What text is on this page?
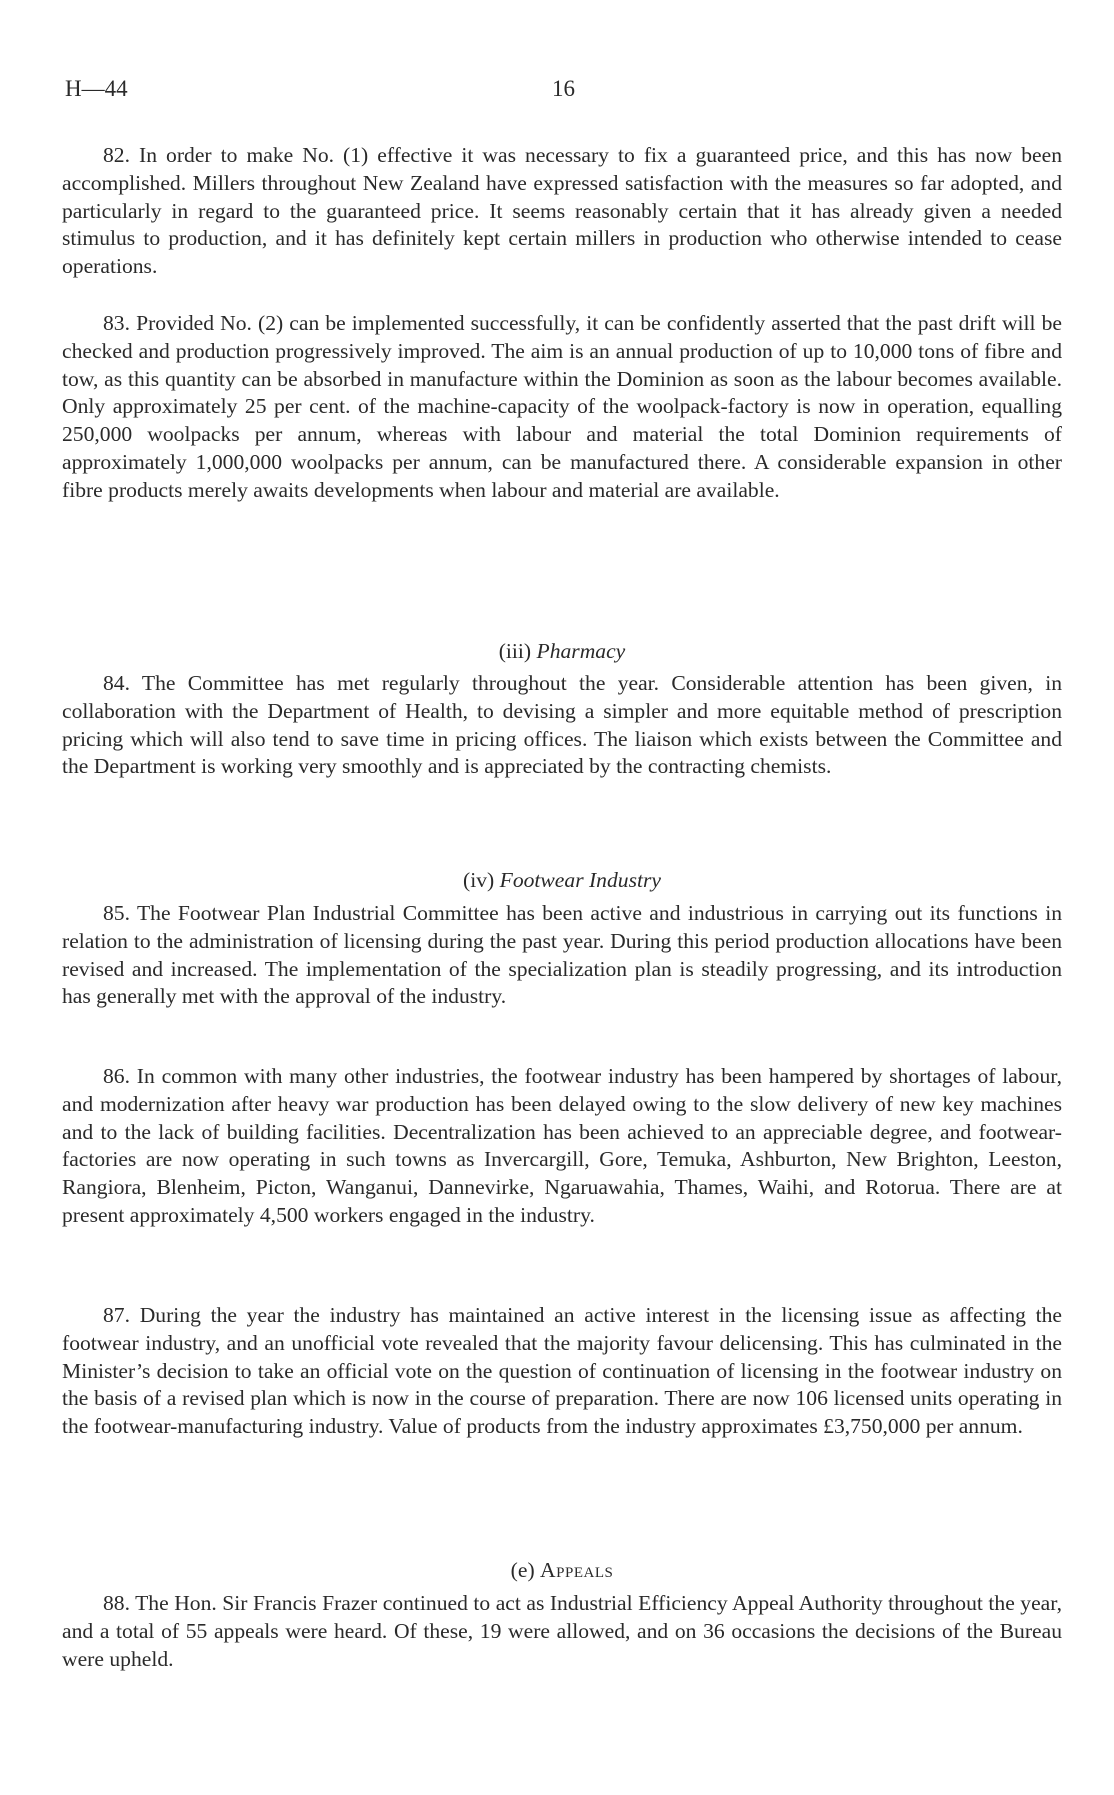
H—44	16

82. In order to make No. (1) effective it was necessary to fix a guaranteed price, and this has now been accomplished. Millers throughout New Zealand have expressed satisfaction with the measures so far adopted, and particularly in regard to the guaranteed price. It seems reasonably certain that it has already given a needed stimulus to production, and it has definitely kept certain millers in production who otherwise intended to cease operations.

83. Provided No. (2) can be implemented successfully, it can be confidently asserted that the past drift will be checked and production progressively improved. The aim is an annual production of up to 10,000 tons of fibre and tow, as this quantity can be absorbed in manufacture within the Dominion as soon as the labour becomes available. Only approximately 25 per cent. of the machine-capacity of the woolpack-factory is now in operation, equalling 250,000 woolpacks per annum, whereas with labour and material the total Dominion requirements of approximately 1,000,000 woolpacks per annum, can be manufactured there. A considerable expansion in other fibre products merely awaits developments when labour and material are available.

(iii) Pharmacy

84. The Committee has met regularly throughout the year. Considerable attention has been given, in collaboration with the Department of Health, to devising a simpler and more equitable method of prescription pricing which will also tend to save time in pricing offices. The liaison which exists between the Committee and the Department is working very smoothly and is appreciated by the contracting chemists.

(iv) Footwear Industry

85. The Footwear Plan Industrial Committee has been active and industrious in carrying out its functions in relation to the administration of licensing during the past year. During this period production allocations have been revised and increased. The implementation of the specialization plan is steadily progressing, and its introduction has generally met with the approval of the industry.

86. In common with many other industries, the footwear industry has been hampered by shortages of labour, and modernization after heavy war production has been delayed owing to the slow delivery of new key machines and to the lack of building facilities. Decentralization has been achieved to an appreciable degree, and footwear-factories are now operating in such towns as Invercargill, Gore, Temuka, Ashburton, New Brighton, Leeston, Rangiora, Blenheim, Picton, Wanganui, Dannevirke, Ngaruawahia, Thames, Waihi, and Rotorua. There are at present approximately 4,500 workers engaged in the industry.

87. During the year the industry has maintained an active interest in the licensing issue as affecting the footwear industry, and an unofficial vote revealed that the majority favour delicensing. This has culminated in the Minister’s decision to take an official vote on the question of continuation of licensing in the footwear industry on the basis of a revised plan which is now in the course of preparation. There are now 106 licensed units operating in the footwear-manufacturing industry. Value of products from the industry approximates £3,750,000 per annum.

(e) Appeals

88. The Hon. Sir Francis Frazer continued to act as Industrial Efficiency Appeal Authority throughout the year, and a total of 55 appeals were heard. Of these, 19 were allowed, and on 36 occasions the decisions of the Bureau were upheld.
